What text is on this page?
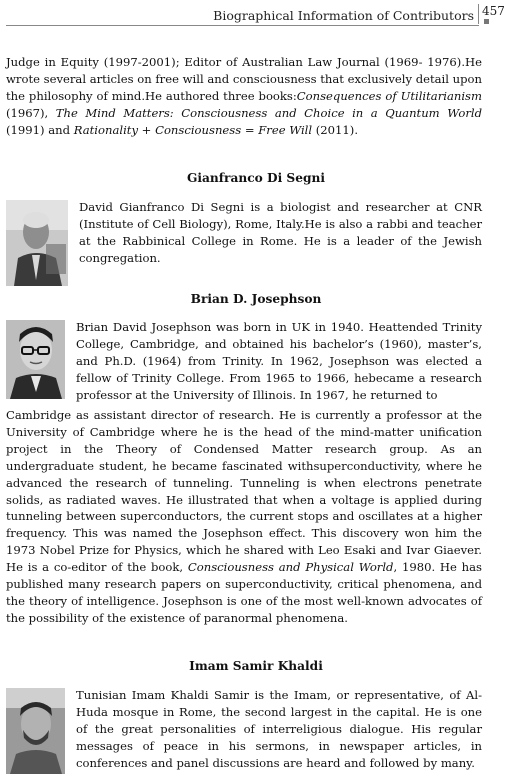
Biographical Information of Contributors 457

Judge in Equity (1997-2001); Editor of Australian Law Journal (1969- 1976).He wrote several articles on free will and consciousness that exclusively detail upon the philosophy of mind.He authored three books:Consequences of Utilitarianism (1967), The Mind Matters: Consciousness and Choice in a Quantum World (1991) and Rationality + Consciousness = Free Will (2011).

Gianfranco Di Segni

David Gianfranco Di Segni is a biologist and researcher at CNR (Institute of Cell Biology), Rome, Italy.He is also a rabbi and teacher at the Rabbinical College in Rome. He is a leader of the Jewish congregation.

Brian D. Josephson

Brian David Josephson was born in UK in 1940. Heattended Trinity College, Cambridge, and obtained his bachelor’s (1960), master’s, and Ph.D. (1964) from Trinity. In 1962, Josephson was elected a fellow of Trinity College. From 1965 to 1966, hebecame a research professor at the University of Illinois. In 1967, he returned to

Cambridge as assistant director of research. He is currently a professor at the University of Cambridge where he is the head of the mind-matter unification project in the Theory of Condensed Matter research group. As an undergraduate student, he became fascinated withsuperconductivity, where he advanced the research of tunneling. Tunneling is when electrons penetrate solids, as radiated waves. He illustrated that when a voltage is applied during tunneling between superconductors, the current stops and oscillates at a higher frequency. This was named the Josephson effect. This discovery won him the 1973 Nobel Prize for Physics, which he shared with Leo Esaki and Ivar Giaever. He is a co-editor of the book, Consciousness and Physical World, 1980. He has published many research papers on superconductivity, critical phenomena, and the theory of intelligence. Josephson is one of the most well-known advocates of the possibility of the existence of paranormal phenomena.

Imam Samir Khaldi

Tunisian Imam Khaldi Samir is the Imam, or representative, of Al-Huda mosque in Rome, the second largest in the capital. He is one of the great personalities of interreligious dialogue. His regular messages of peace in his sermons, in newspaper articles, in conferences and panel discussions are heard and followed by many.
